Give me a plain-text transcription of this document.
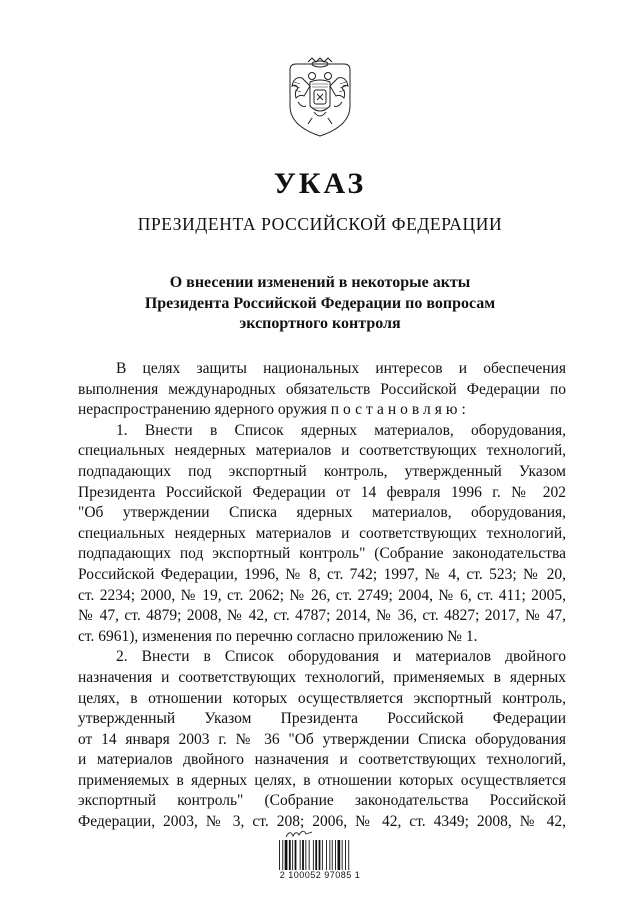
УКАЗ
ПРЕЗИДЕНТА РОССИЙСКОЙ ФЕДЕРАЦИИ
О внесении изменений в некоторые акты
Президента Российской Федерации по вопросам
экспортного контроля
В целях защиты национальных интересов и обеспечения
выполнения международных обязательств Российской Федерации по
нераспространению ядерного оружия постановляю:
1. Внести в Список ядерных материалов, оборудования,
специальных неядерных материалов и соответствующих технологий,
подпадающих под экспортный контроль, утвержденный Указом
Президента Российской Федерации от 14 февраля 1996 г. № 202
"Об утверждении Списка ядерных материалов, оборудования,
специальных неядерных материалов и соответствующих технологий,
подпадающих под экспортный контроль" (Собрание законодательства
Российской Федерации, 1996, № 8, ст. 742; 1997, № 4, ст. 523; № 20,
ст. 2234; 2000, № 19, ст. 2062; № 26, ст. 2749; 2004, № 6, ст. 411; 2005,
№ 47, ст. 4879; 2008, № 42, ст. 4787; 2014, № 36, ст. 4827; 2017, № 47,
ст. 6961), изменения по перечню согласно приложению № 1.
2. Внести в Список оборудования и материалов двойного
назначения и соответствующих технологий, применяемых в ядерных
целях, в отношении которых осуществляется экспортный контроль,
утвержденный Указом Президента Российской Федерации
от 14 января 2003 г. № 36 "Об утверждении Списка оборудования
и материалов двойного назначения и соответствующих технологий,
применяемых в ядерных целях, в отношении которых осуществляется
экспортный контроль" (Собрание законодательства Российской
Федерации, 2003, № 3, ст. 208; 2006, № 42, ст. 4349; 2008, № 42,
2 100052 97085 1
